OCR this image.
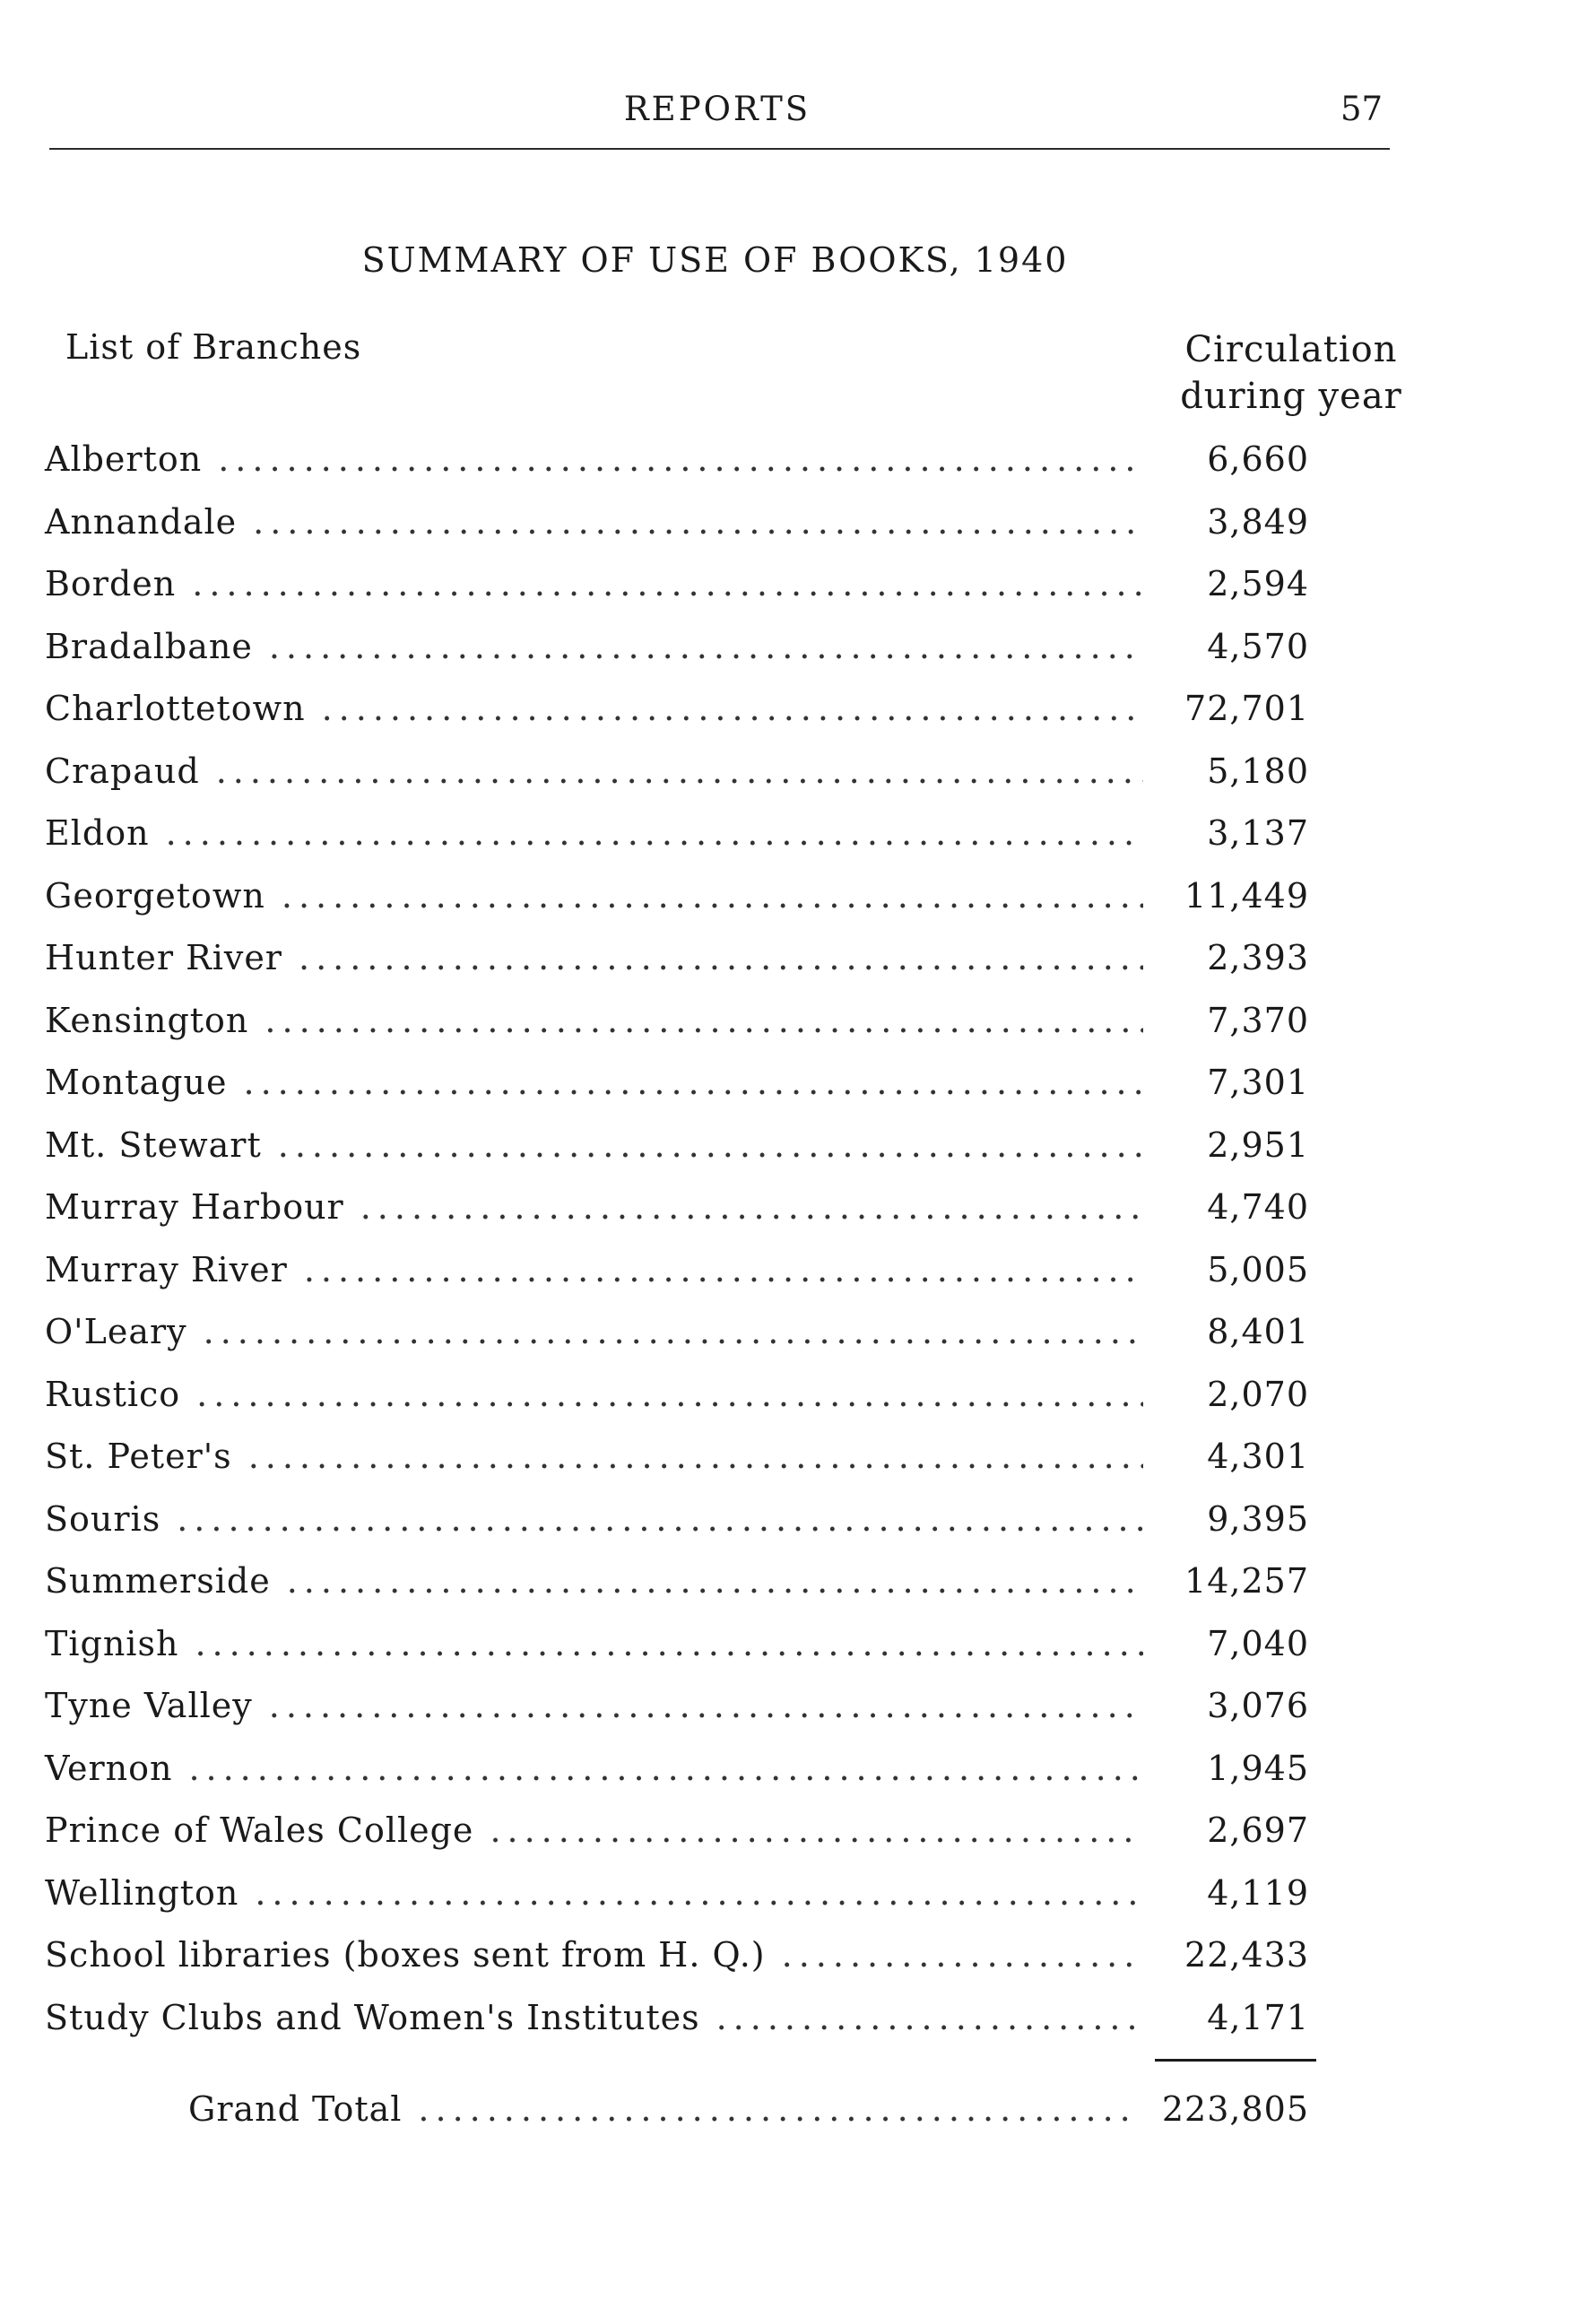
REPORTS	57
SUMMARY OF USE OF BOOKS, 1940
List of Branches	Circulation
during year
Alberton .....	6,660
Annandale .....	3,849
Borden .....	2,594
Bradalbane .....	4,570
Charlottetown .....	72,701
Crapaud .....	5,180
Eldon .....	3,137
Georgetown .....	11,449
Hunter River .....	2,393
Kensington .....	7,370
Montague .....	7,301
Mt. Stewart .....	2,951
Murray Harbour .....	4,740
Murray River .....	5,005
O'Leary .....	8,401
Rustico .....	2,070
St. Peter's .....	4,301
Souris .....	9,395
Summerside .....	14,257
Tignish .....	7,040
Tyne Valley .....	3,076
Vernon .....	1,945
Prince of Wales College .....	2,697
Wellington .....	4,119
School libraries (boxes sent from H. Q.) .....	22,433
Study Clubs and Women's Institutes .....	4,171
Grand Total .....	223,805
